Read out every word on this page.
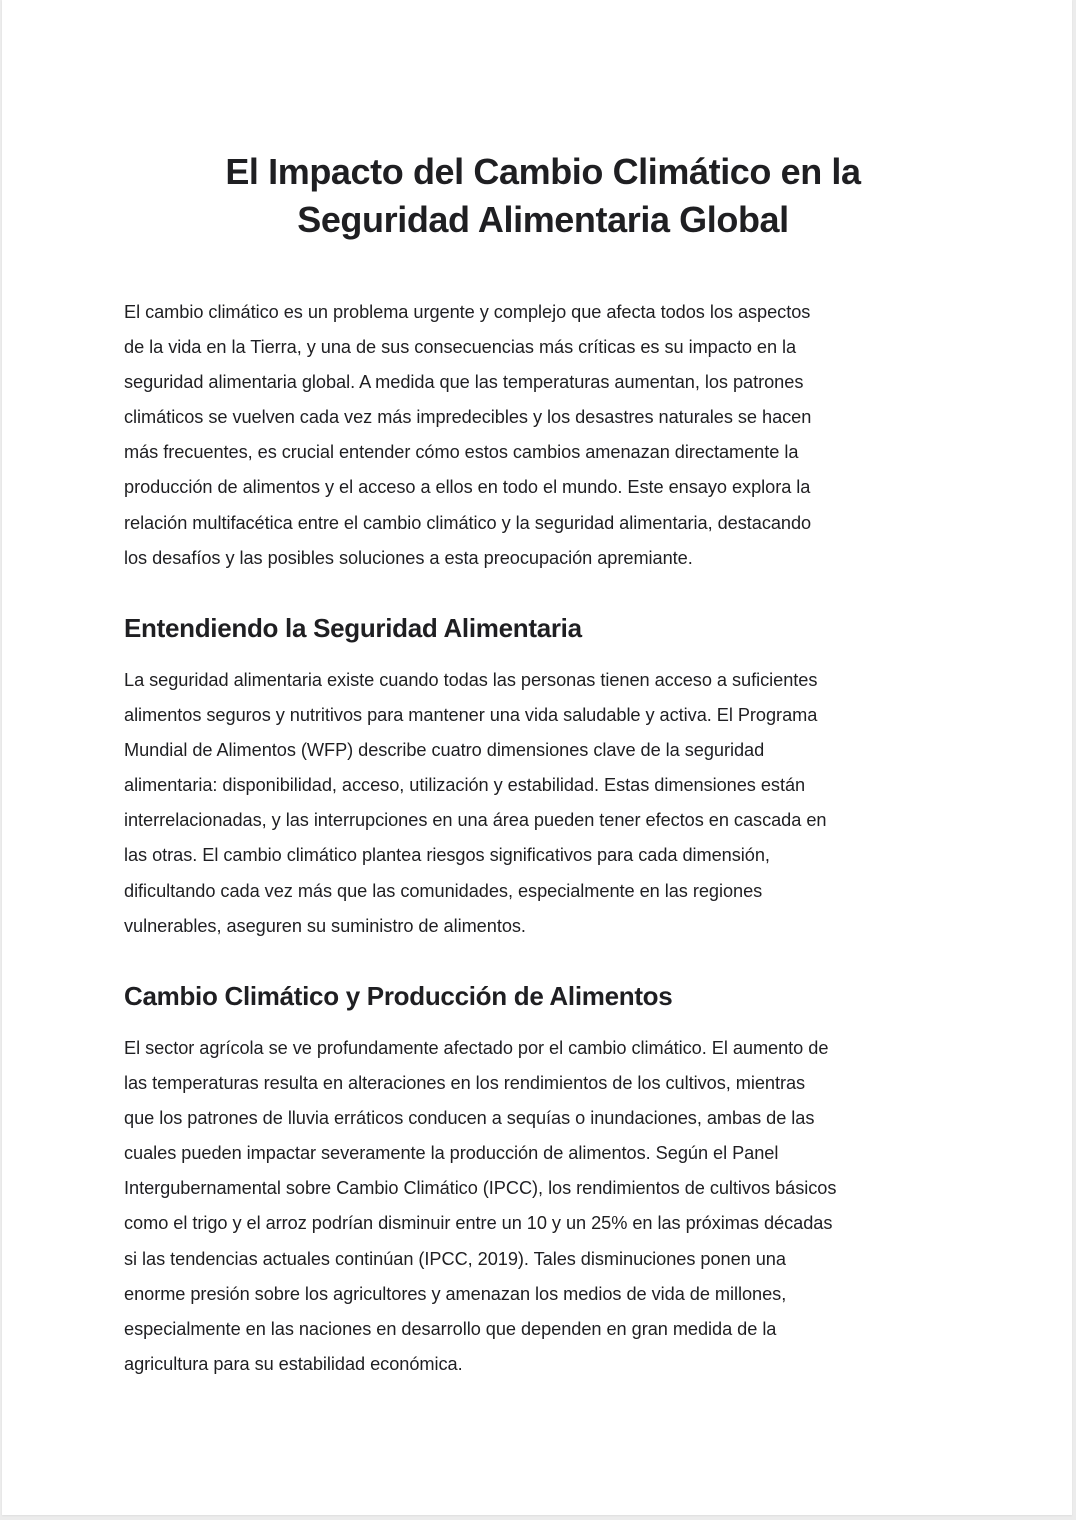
El Impacto del Cambio Climático en la
Seguridad Alimentaria Global

El cambio climático es un problema urgente y complejo que afecta todos los aspectos
de la vida en la Tierra, y una de sus consecuencias más críticas es su impacto en la
seguridad alimentaria global. A medida que las temperaturas aumentan, los patrones
climáticos se vuelven cada vez más impredecibles y los desastres naturales se hacen
más frecuentes, es crucial entender cómo estos cambios amenazan directamente la
producción de alimentos y el acceso a ellos en todo el mundo. Este ensayo explora la
relación multifacética entre el cambio climático y la seguridad alimentaria, destacando
los desafíos y las posibles soluciones a esta preocupación apremiante.

Entendiendo la Seguridad Alimentaria

La seguridad alimentaria existe cuando todas las personas tienen acceso a suficientes
alimentos seguros y nutritivos para mantener una vida saludable y activa. El Programa
Mundial de Alimentos (WFP) describe cuatro dimensiones clave de la seguridad
alimentaria: disponibilidad, acceso, utilización y estabilidad. Estas dimensiones están
interrelacionadas, y las interrupciones en una área pueden tener efectos en cascada en
las otras. El cambio climático plantea riesgos significativos para cada dimensión,
dificultando cada vez más que las comunidades, especialmente en las regiones
vulnerables, aseguren su suministro de alimentos.

Cambio Climático y Producción de Alimentos

El sector agrícola se ve profundamente afectado por el cambio climático. El aumento de
las temperaturas resulta en alteraciones en los rendimientos de los cultivos, mientras
que los patrones de lluvia erráticos conducen a sequías o inundaciones, ambas de las
cuales pueden impactar severamente la producción de alimentos. Según el Panel
Intergubernamental sobre Cambio Climático (IPCC), los rendimientos de cultivos básicos
como el trigo y el arroz podrían disminuir entre un 10 y un 25% en las próximas décadas
si las tendencias actuales continúan (IPCC, 2019). Tales disminuciones ponen una
enorme presión sobre los agricultores y amenazan los medios de vida de millones,
especialmente en las naciones en desarrollo que dependen en gran medida de la
agricultura para su estabilidad económica.
